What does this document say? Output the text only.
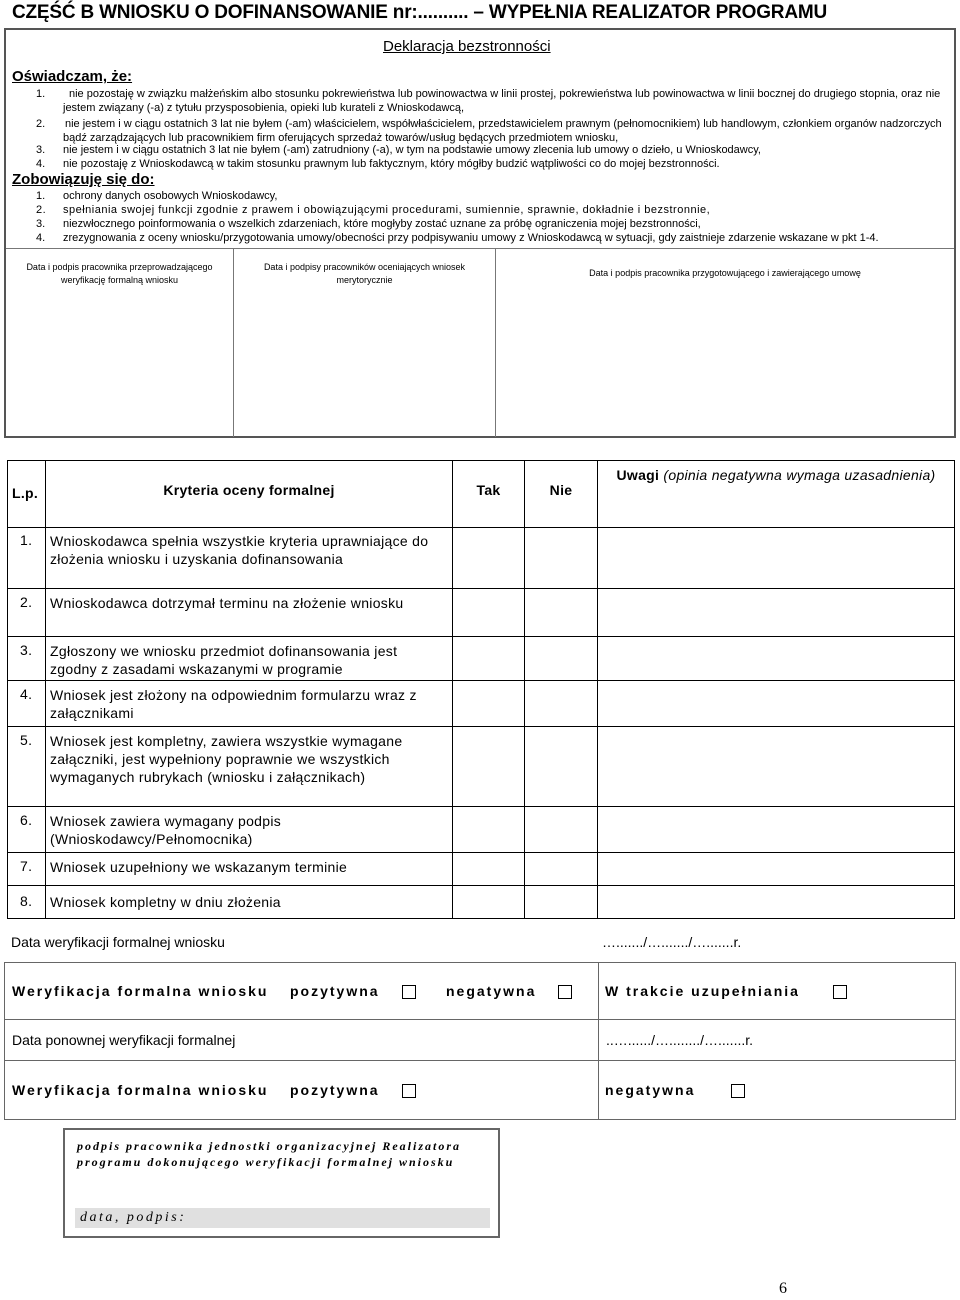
CZĘŚĆ B WNIOSKU O DOFINANSOWANIE nr:.......... – WYPEŁNIA REALIZATOR PROGRAMU
Deklaracja bezstronności
Oświadczam, że:
1.	nie pozostaję w związku małżeńskim albo stosunku pokrewieństwa lub powinowactwa w linii prostej, pokrewieństwa lub powinowactwa w linii bocznej do drugiego stopnia, oraz nie jestem związany (-a) z tytułu przysposobienia, opieki lub kurateli z Wnioskodawcą,
2. nie jestem i w ciągu ostatnich 3 lat nie byłem (-am) właścicielem, współwłaścicielem, przedstawicielem prawnym (pełnomocnikiem) lub handlowym, członkiem organów nadzorczych bądź zarządzających lub pracownikiem firm oferujących sprzedaż towarów/usług będących przedmiotem wniosku,
3. nie jestem i w ciągu ostatnich 3 lat nie byłem (-am) zatrudniony (-a), w tym na podstawie umowy zlecenia lub umowy o dzieło, u Wnioskodawcy,
4. nie pozostaję z Wnioskodawcą w takim stosunku prawnym lub faktycznym, który mógłby budzić wątpliwości co do mojej bezstronności.
Zobowiązuję się do:
1. ochrony danych osobowych Wnioskodawcy,
2. spełniania swojej funkcji zgodnie z prawem i obowiązującymi procedurami, sumiennie, sprawnie, dokładnie i bezstronnie,
3. niezwłocznego poinformowania o wszelkich zdarzeniach, które mogłyby zostać uznane za próbę ograniczenia mojej bezstronności,
4. zrezygnowania z oceny wniosku/przygotowania umowy/obecności przy podpisywaniu umowy z Wnioskodawcą w sytuacji, gdy zaistnieje zdarzenie wskazane w pkt 1-4.
Data i podpis pracownika przeprowadzającego weryfikację formalną wniosku
Data i podpisy pracowników oceniających wniosek merytorycznie
Data i podpis pracownika przygotowującego i zawierającego umowę
L.p.	Kryteria oceny formalnej	Tak	Nie	Uwagi (opinia negatywna wymaga uzasadnienia)
1.	Wnioskodawca spełnia wszystkie kryteria uprawniające do złożenia wniosku i uzyskania dofinansowania			
2.	Wnioskodawca dotrzymał terminu na złożenie wniosku			
3.	Zgłoszony we wniosku przedmiot dofinansowania jest zgodny z zasadami wskazanymi w programie			
4.	Wniosek jest złożony na odpowiednim formularzu wraz z załącznikami			
5.	Wniosek jest kompletny, zawiera wszystkie wymagane załączniki, jest wypełniony poprawnie we wszystkich wymaganych rubrykach (wniosku i załącznikach)			
6.	Wniosek zawiera wymagany podpis (Wnioskodawcy/Pełnomocnika)			
7.	Wniosek uzupełniony we wskazanym terminie			
8.	Wniosek kompletny w dniu złożenia			
Data weryfikacji formalnej wniosku	…......./…......./….......r.
Weryfikacja formalna wniosku pozytywna	negatywna	W trakcie uzupełniania
Data ponownej weryfikacji formalnej	..…....../…......../….......r.
Weryfikacja formalna wniosku pozytywna	negatywna
podpis pracownika jednostki organizacyjnej Realizatora
programu dokonującego weryfikacji formalnej wniosku
data, podpis:
6
